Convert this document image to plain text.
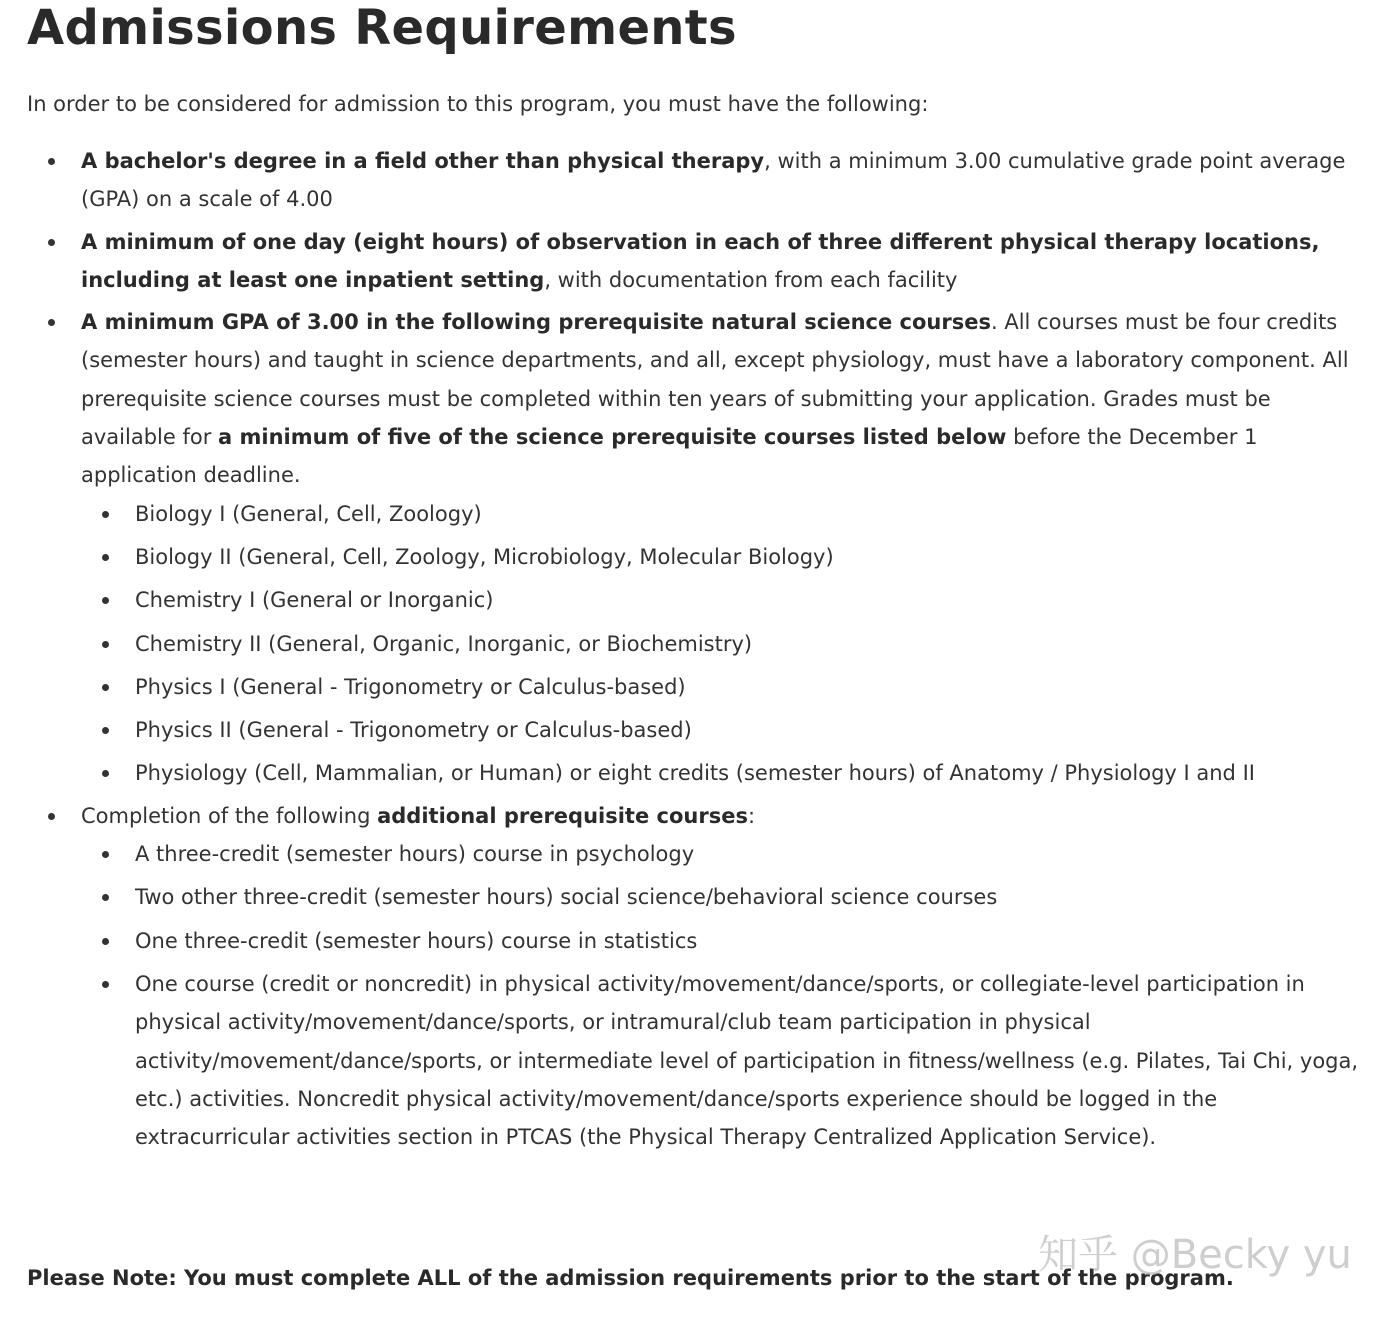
Admissions Requirements

In order to be considered for admission to this program, you must have the following:

A bachelor's degree in a field other than physical therapy, with a minimum 3.00 cumulative grade point average (GPA) on a scale of 4.00
A minimum of one day (eight hours) of observation in each of three different physical therapy locations, including at least one inpatient setting, with documentation from each facility
A minimum GPA of 3.00 in the following prerequisite natural science courses. All courses must be four credits (semester hours) and taught in science departments, and all, except physiology, must have a laboratory component. All prerequisite science courses must be completed within ten years of submitting your application. Grades must be available for a minimum of five of the science prerequisite courses listed below before the December 1 application deadline.
Biology I (General, Cell, Zoology)
Biology II (General, Cell, Zoology, Microbiology, Molecular Biology)
Chemistry I (General or Inorganic)
Chemistry II (General, Organic, Inorganic, or Biochemistry)
Physics I (General - Trigonometry or Calculus-based)
Physics II (General - Trigonometry or Calculus-based)
Physiology (Cell, Mammalian, or Human) or eight credits (semester hours) of Anatomy / Physiology I and II
Completion of the following additional prerequisite courses:
A three-credit (semester hours) course in psychology
Two other three-credit (semester hours) social science/behavioral science courses
One three-credit (semester hours) course in statistics
One course (credit or noncredit) in physical activity/movement/dance/sports, or collegiate-level participation in physical activity/movement/dance/sports, or intramural/club team participation in physical activity/movement/dance/sports, or intermediate level of participation in fitness/wellness (e.g. Pilates, Tai Chi, yoga, etc.) activities. Noncredit physical activity/movement/dance/sports experience should be logged in the extracurricular activities section in PTCAS (the Physical Therapy Centralized Application Service).

Please Note: You must complete ALL of the admission requirements prior to the start of the program.

知乎 @Becky yu
